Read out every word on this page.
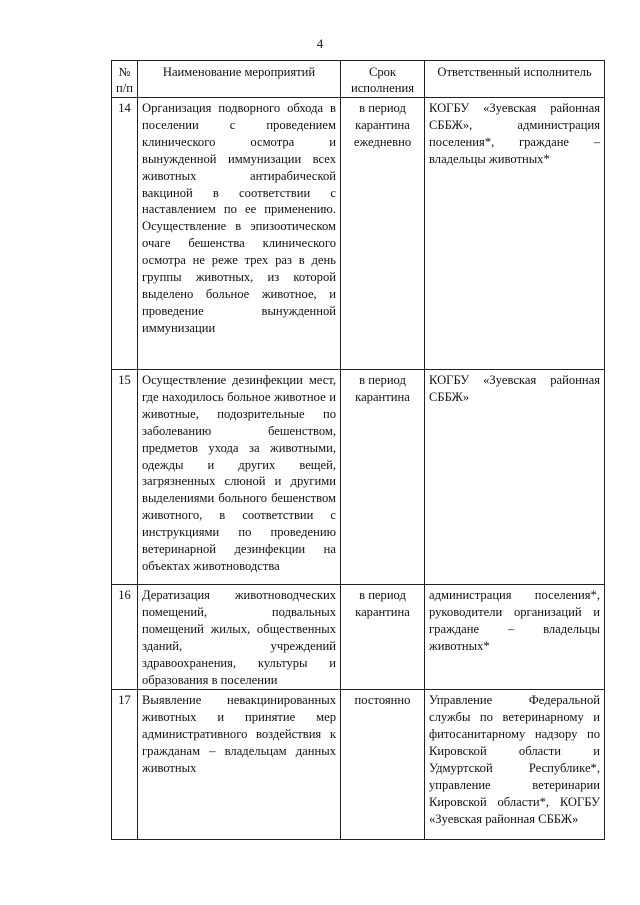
4
№ п/п	Наименование мероприятий	Срок исполнения	Ответственный исполнитель
14	Организация подворного обхода в поселении с проведением клинического осмотра и вынужденной иммунизации всех животных антирабической вакциной в соответствии с наставлением по ее применению. Осуществление в эпизоотическом очаге бешенства клинического осмотра не реже трех раз в день группы животных, из которой выделено больное животное, и проведение вынужденной иммунизации	в период карантина ежедневно	КОГБУ «Зуевская районная СББЖ», администрация поселения*, граждане – владельцы животных*
15	Осуществление дезинфекции мест, где находилось больное животное и животные, подозрительные по заболеванию бешенством, предметов ухода за животными, одежды и других вещей, загрязненных слюной и другими выделениями больного бешенством животного, в соответствии с инструкциями по проведению ветеринарной дезинфекции на объектах животноводства	в период карантина	КОГБУ «Зуевская районная СББЖ»
16	Дератизация животноводческих помещений, подвальных помещений жилых, общественных зданий, учреждений здравоохранения, культуры и образования в поселении	в период карантина	администрация поселения*, руководители организаций и граждане – владельцы животных*
17	Выявление невакцинированных животных и принятие мер административного воздействия к гражданам – владельцам данных животных	постоянно	Управление Федеральной службы по ветеринарному и фитосанитарному надзору по Кировской области и Удмуртской Республике*, управление ветеринарии Кировской области*, КОГБУ «Зуевская районная СББЖ»
